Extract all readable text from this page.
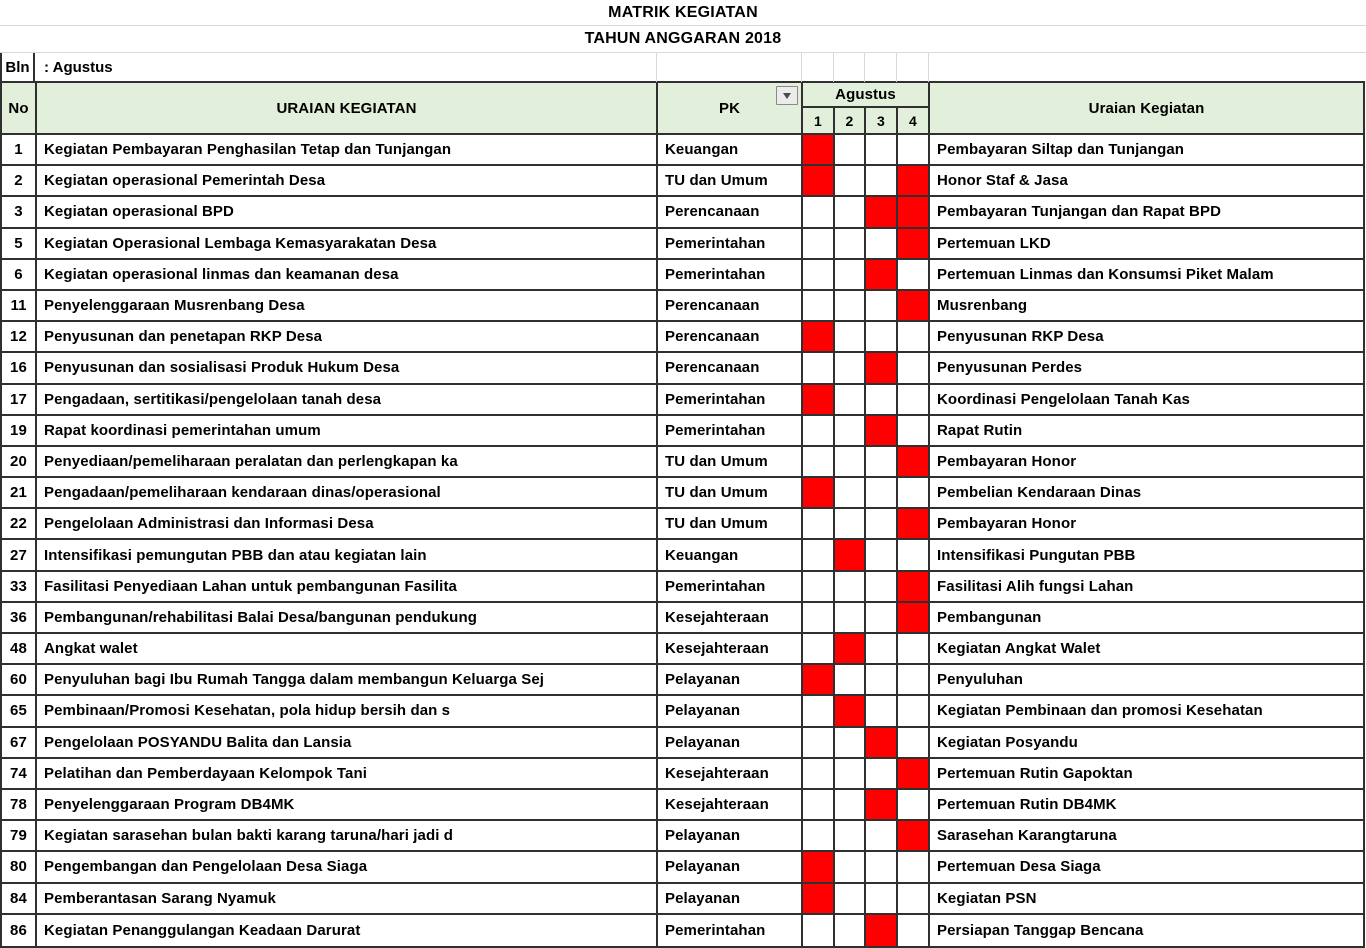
MATRIK KEGIATAN
TAHUN ANGGARAN 2018
Bln : Agustus
No	URAIAN KEGIATAN	PK
Agustus
1	2	3	4
Uraian Kegiatan
1	Kegiatan Pembayaran Penghasilan Tetap dan Tunjangan	Keuangan	Pembayaran Siltap dan Tunjangan
2	Kegiatan operasional Pemerintah Desa	TU dan Umum	Honor Staf & Jasa
3	Kegiatan operasional BPD	Perencanaan	Pembayaran Tunjangan dan Rapat BPD
5	Kegiatan Operasional Lembaga Kemasyarakatan Desa	Pemerintahan	Pertemuan LKD
6	Kegiatan operasional linmas dan keamanan desa	Pemerintahan	Pertemuan Linmas dan Konsumsi Piket Malam
11	Penyelenggaraan Musrenbang Desa	Perencanaan	Musrenbang
12	Penyusunan dan penetapan RKP Desa	Perencanaan	Penyusunan RKP Desa
16	Penyusunan dan sosialisasi Produk Hukum Desa	Perencanaan	Penyusunan Perdes
17	Pengadaan, sertitikasi/pengelolaan tanah desa	Pemerintahan	Koordinasi Pengelolaan Tanah Kas
19	Rapat koordinasi pemerintahan umum	Pemerintahan	Rapat Rutin
20	Penyediaan/pemeliharaan peralatan dan perlengkapan ka	TU dan Umum	Pembayaran Honor
21	Pengadaan/pemeliharaan kendaraan dinas/operasional	TU dan Umum	Pembelian Kendaraan Dinas
22	Pengelolaan Administrasi dan Informasi Desa	TU dan Umum	Pembayaran Honor
27	Intensifikasi pemungutan PBB dan atau kegiatan lain	Keuangan	Intensifikasi Pungutan PBB
33	Fasilitasi Penyediaan Lahan untuk pembangunan Fasilita	Pemerintahan	Fasilitasi Alih fungsi Lahan
36	Pembangunan/rehabilitasi Balai Desa/bangunan pendukung	Kesejahteraan	Pembangunan
48	Angkat walet	Kesejahteraan	Kegiatan Angkat Walet
60	Penyuluhan bagi Ibu Rumah Tangga dalam membangun Keluarga Sej	Pelayanan	Penyuluhan
65	Pembinaan/Promosi Kesehatan, pola hidup bersih dan s	Pelayanan	Kegiatan Pembinaan dan promosi Kesehatan
67	Pengelolaan POSYANDU Balita dan Lansia	Pelayanan	Kegiatan Posyandu
74	Pelatihan dan Pemberdayaan Kelompok Tani	Kesejahteraan	Pertemuan Rutin Gapoktan
78	Penyelenggaraan Program DB4MK	Kesejahteraan	Pertemuan Rutin DB4MK
79	Kegiatan sarasehan bulan bakti karang taruna/hari jadi d	Pelayanan	Sarasehan Karangtaruna
80	Pengembangan dan Pengelolaan Desa Siaga	Pelayanan	Pertemuan Desa Siaga
84	Pemberantasan Sarang Nyamuk	Pelayanan	Kegiatan PSN
86	Kegiatan Penanggulangan Keadaan Darurat	Pemerintahan	Persiapan Tanggap Bencana
